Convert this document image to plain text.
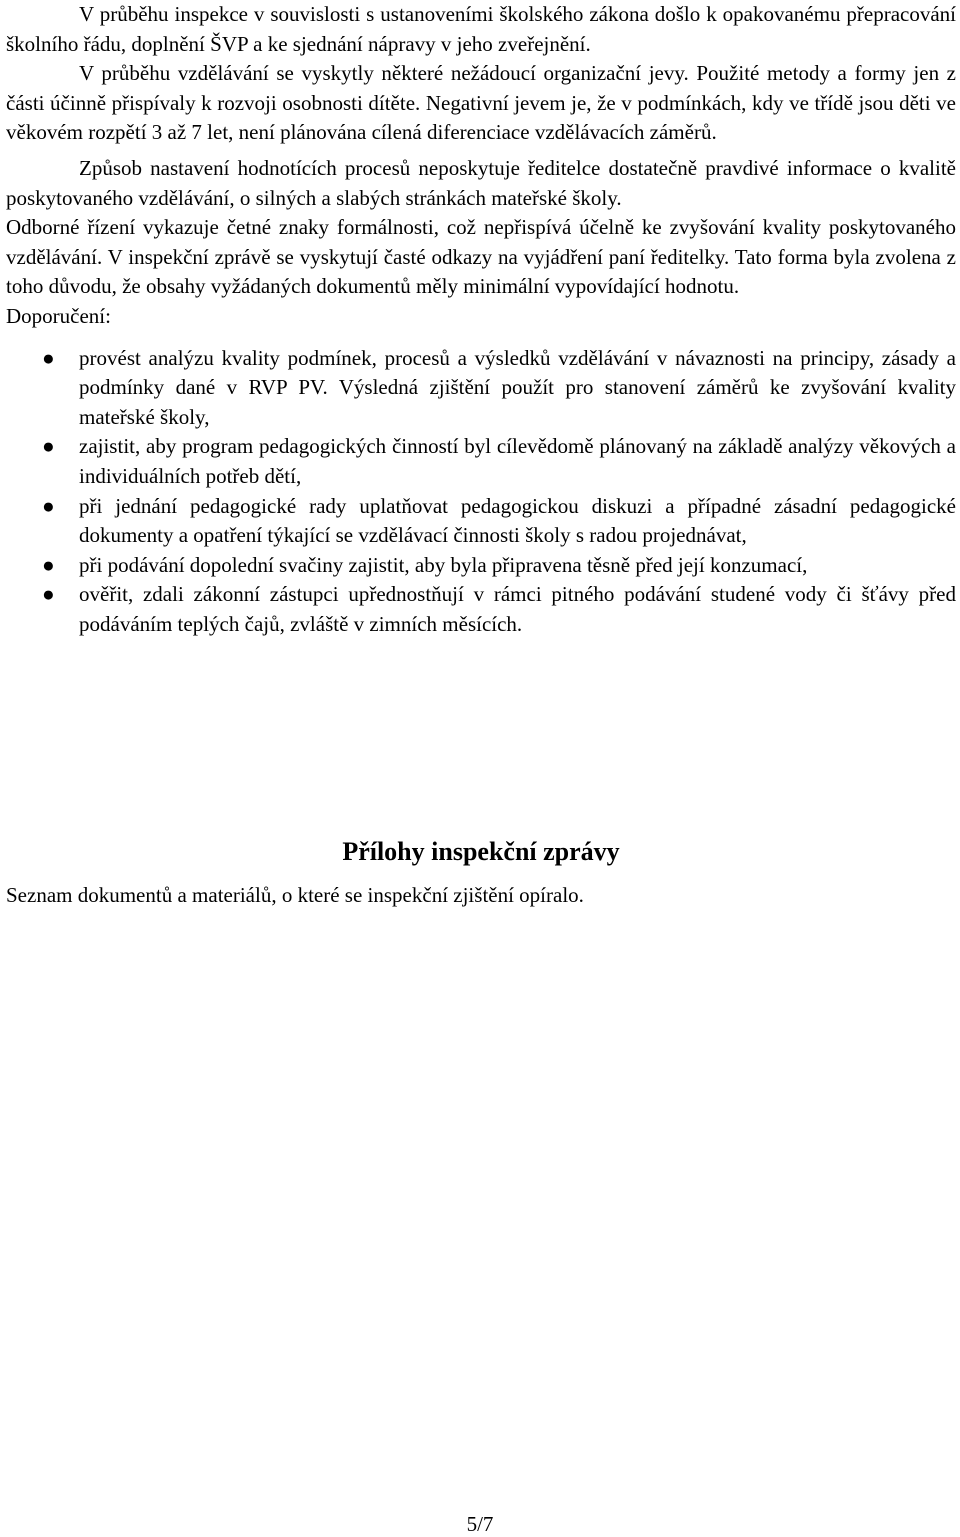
V průběhu inspekce v souvislosti s ustanoveními školského zákona došlo k opakovanému přepracování školního řádu, doplnění ŠVP a ke sjednání nápravy v jeho zveřejnění.

V průběhu vzdělávání se vyskytly některé nežádoucí organizační jevy. Použité metody a formy jen z části účinně přispívaly k rozvoji osobnosti dítěte. Negativní jevem je, že v podmínkách, kdy ve třídě jsou děti ve věkovém rozpětí 3 až 7 let, není plánována cílená diferenciace vzdělávacích záměrů.

Způsob nastavení hodnotících procesů neposkytuje ředitelce dostatečně pravdivé informace o kvalitě poskytovaného vzdělávání, o silných a slabých stránkách mateřské školy.

Odborné řízení vykazuje četné znaky formálnosti, což nepřispívá účelně ke zvyšování kvality poskytovaného vzdělávání. V inspekční zprávě se vyskytují časté odkazy na vyjádření paní ředitelky. Tato forma byla zvolena z toho důvodu, že obsahy vyžádaných dokumentů měly minimální vypovídající hodnotu.

Doporučení:

● provést analýzu kvality podmínek, procesů a výsledků vzdělávání v návaznosti na principy, zásady a podmínky dané v RVP PV. Výsledná zjištění použít pro stanovení záměrů ke zvyšování kvality mateřské školy,
● zajistit, aby program pedagogických činností byl cílevědomě plánovaný na základě analýzy věkových a individuálních potřeb dětí,
● při jednání pedagogické rady uplatňovat pedagogickou diskuzi a případné zásadní pedagogické dokumenty a opatření týkající se vzdělávací činnosti školy s radou projednávat,
● při podávání dopolední svačiny zajistit, aby byla připravena těsně před její konzumací,
● ověřit, zdali zákonní zástupci upřednostňují v rámci pitného podávání studené vody či šťávy před podáváním teplých čajů, zvláště v zimních měsících.
Přílohy inspekční zprávy

Seznam dokumentů a materiálů, o které se inspekční zjištění opíralo.

5/7
